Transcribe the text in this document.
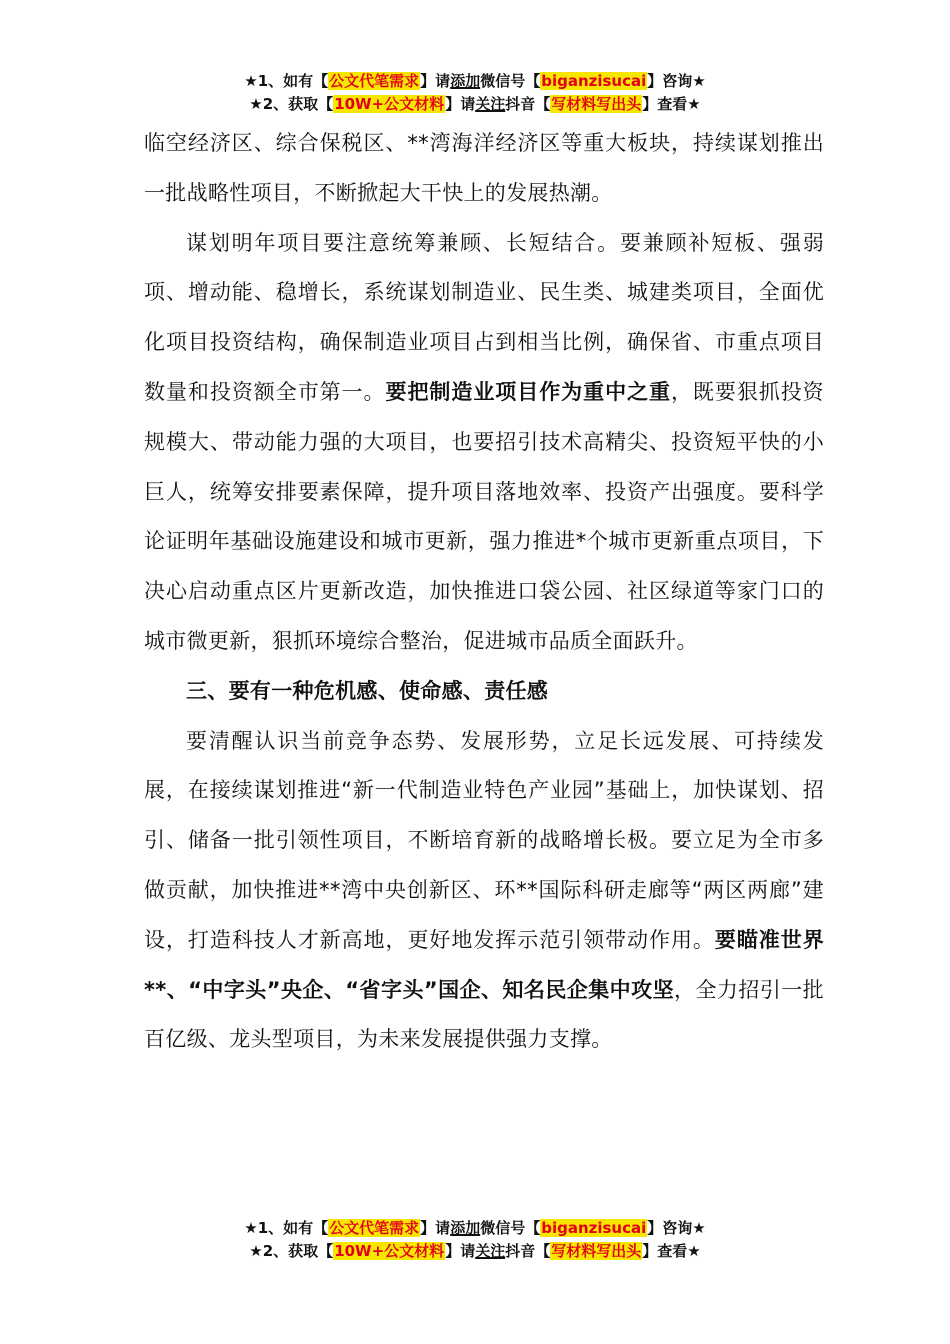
★1、如有【公文代笔需求】请添加微信号【biganzisucai】咨询★
★2、获取【10W+公文材料】请关注抖音【写材料写出头】查看★

临空经济区、综合保税区、**湾海洋经济区等重大板块，持续谋划推出一批战略性项目，不断掀起大干快上的发展热潮。

谋划明年项目要注意统筹兼顾、长短结合。要兼顾补短板、强弱项、增动能、稳增长，系统谋划制造业、民生类、城建类项目，全面优化项目投资结构，确保制造业项目占到相当比例，确保省、市重点项目数量和投资额全市第一。要把制造业项目作为重中之重，既要狠抓投资规模大、带动能力强的大项目，也要招引技术高精尖、投资短平快的小巨人，统筹安排要素保障，提升项目落地效率、投资产出强度。要科学论证明年基础设施建设和城市更新，强力推进*个城市更新重点项目，下决心启动重点区片更新改造，加快推进口袋公园、社区绿道等家门口的城市微更新，狠抓环境综合整治，促进城市品质全面跃升。

三、要有一种危机感、使命感、责任感

要清醒认识当前竞争态势、发展形势，立足长远发展、可持续发展，在接续谋划推进“新一代制造业特色产业园”基础上，加快谋划、招引、储备一批引领性项目，不断培育新的战略增长极。要立足为全市多做贡献，加快推进**湾中央创新区、环**国际科研走廊等“两区两廊”建设，打造科技人才新高地，更好地发挥示范引领带动作用。要瞄准世界**、“中字头”央企、“省字头”国企、知名民企集中攻坚，全力招引一批百亿级、龙头型项目，为未来发展提供强力支撑。

★1、如有【公文代笔需求】请添加微信号【biganzisucai】咨询★
★2、获取【10W+公文材料】请关注抖音【写材料写出头】查看★
